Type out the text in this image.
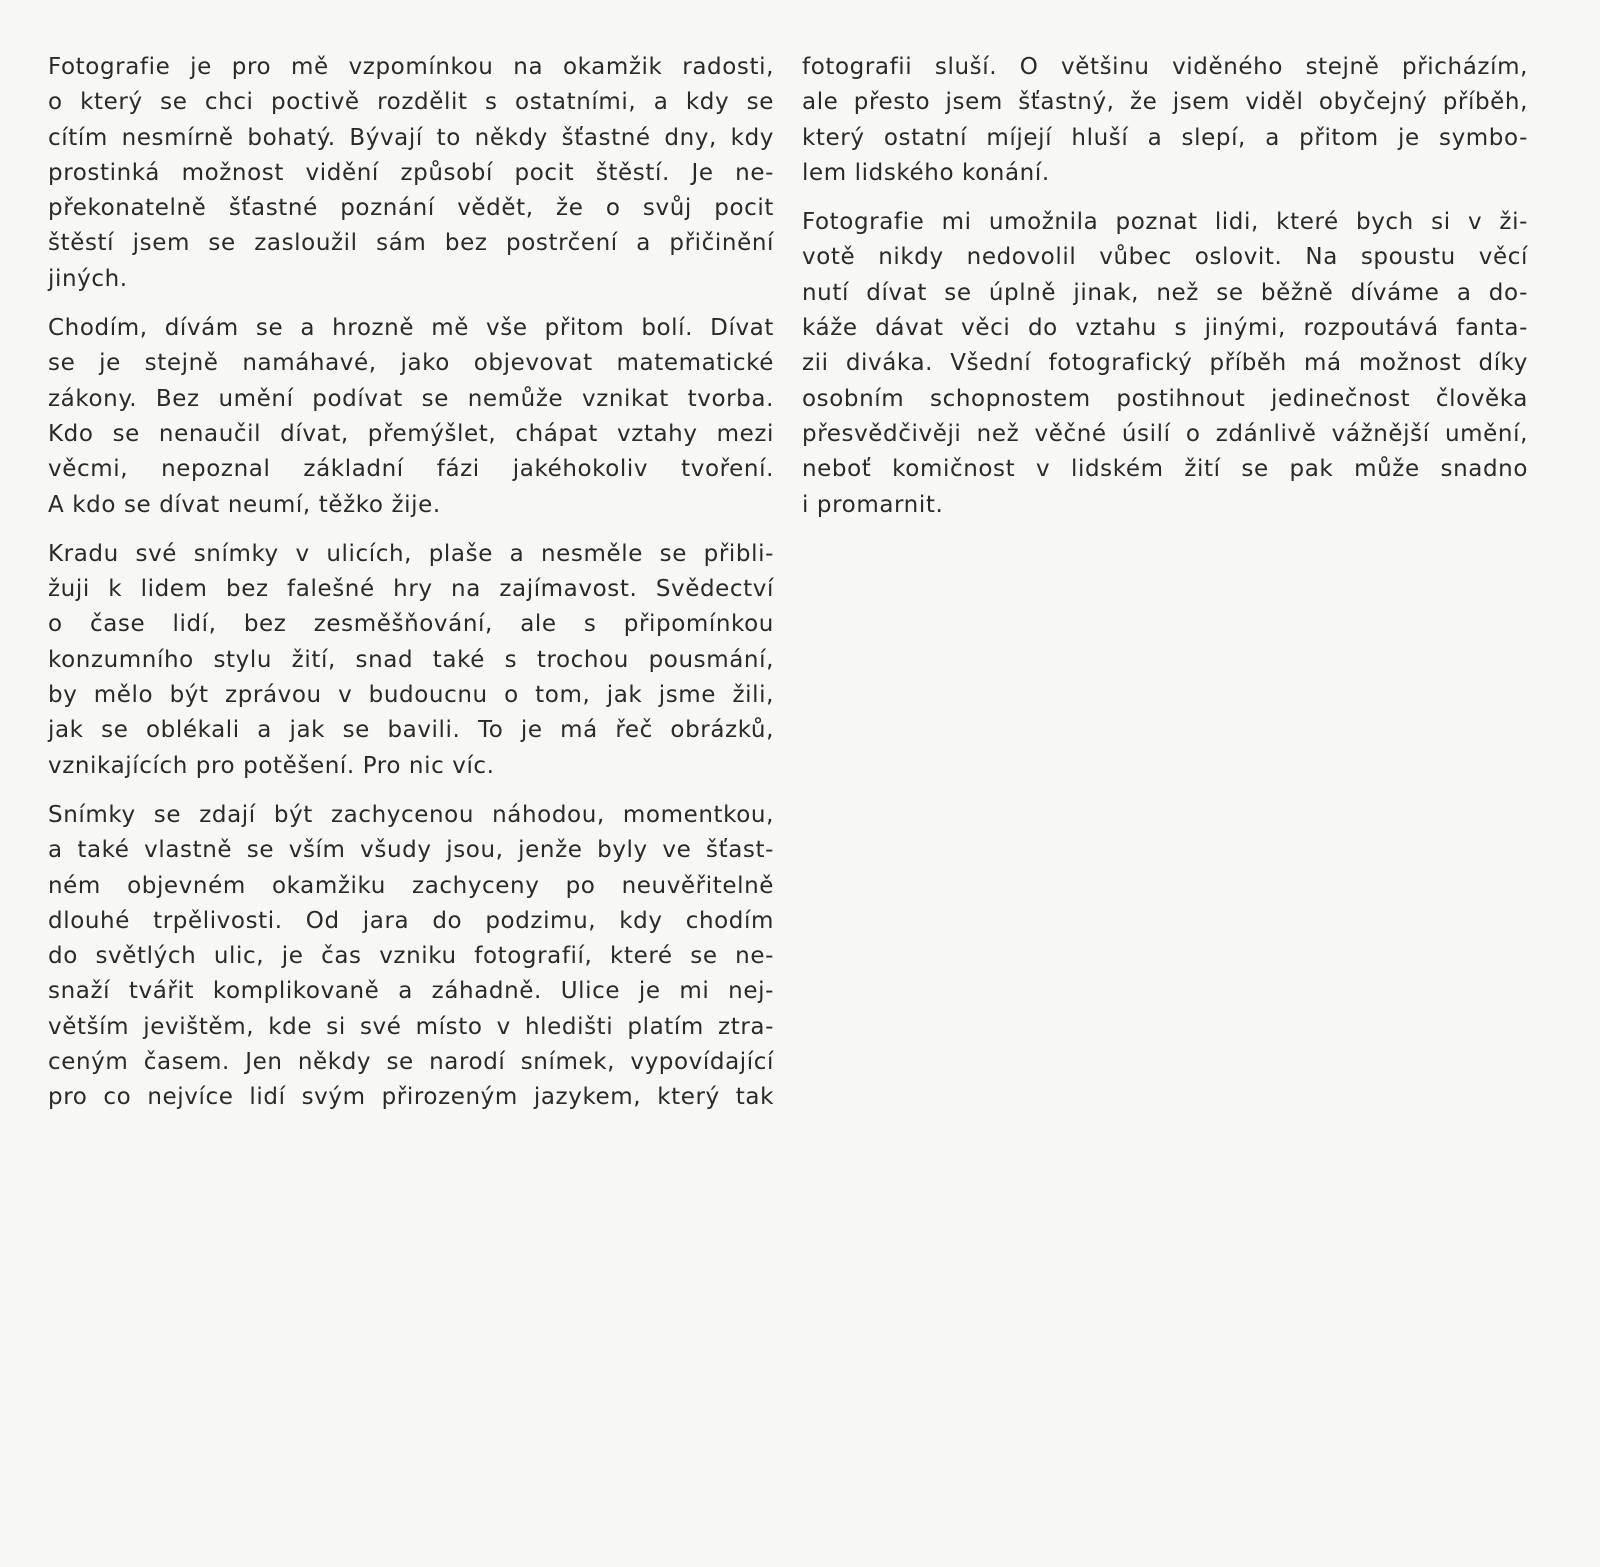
Fotografie je pro mě vzpomínkou na okamžik radosti,
o který se chci poctivě rozdělit s ostatními, a kdy se
cítím nesmírně bohatý. Bývají to někdy šťastné dny, kdy
prostinká možnost vidění způsobí pocit štěstí. Je ne-
překonatelně šťastné poznání vědět, že o svůj pocit
štěstí jsem se zasloužil sám bez postrčení a přičinění
jiných.
Chodím, dívám se a hrozně mě vše přitom bolí. Dívat
se je stejně namáhavé, jako objevovat matematické
zákony. Bez umění podívat se nemůže vznikat tvorba.
Kdo se nenaučil dívat, přemýšlet, chápat vztahy mezi
věcmi, nepoznal základní fázi jakéhokoliv tvoření.
A kdo se dívat neumí, těžko žije.
Kradu své snímky v ulicích, plaše a nesměle se přibli-
žuji k lidem bez falešné hry na zajímavost. Svědectví
o čase lidí, bez zesměšňování, ale s připomínkou
konzumního stylu žití, snad také s trochou pousmání,
by mělo být zprávou v budoucnu o tom, jak jsme žili,
jak se oblékali a jak se bavili. To je má řeč obrázků,
vznikajících pro potěšení. Pro nic víc.
Snímky se zdají být zachycenou náhodou, momentkou,
a také vlastně se vším všudy jsou, jenže byly ve šťast-
ném objevném okamžiku zachyceny po neuvěřitelně
dlouhé trpělivosti. Od jara do podzimu, kdy chodím
do světlých ulic, je čas vzniku fotografií, které se ne-
snaží tvářit komplikovaně a záhadně. Ulice je mi nej-
větším jevištěm, kde si své místo v hledišti platím ztra-
ceným časem. Jen někdy se narodí snímek, vypovídající
pro co nejvíce lidí svým přirozeným jazykem, který tak
fotografii sluší. O většinu viděného stejně přicházím,
ale přesto jsem šťastný, že jsem viděl obyčejný příběh,
který ostatní míjejí hluší a slepí, a přitom je symbo-
lem lidského konání.
Fotografie mi umožnila poznat lidi, které bych si v ži-
votě nikdy nedovolil vůbec oslovit. Na spoustu věcí
nutí dívat se úplně jinak, než se běžně díváme a do-
káže dávat věci do vztahu s jinými, rozpoutává fanta-
zii diváka. Všední fotografický příběh má možnost díky
osobním schopnostem postihnout jedinečnost člověka
přesvědčivěji než věčné úsilí o zdánlivě vážnější umění,
neboť komičnost v lidském žití se pak může snadno
i promarnit.
